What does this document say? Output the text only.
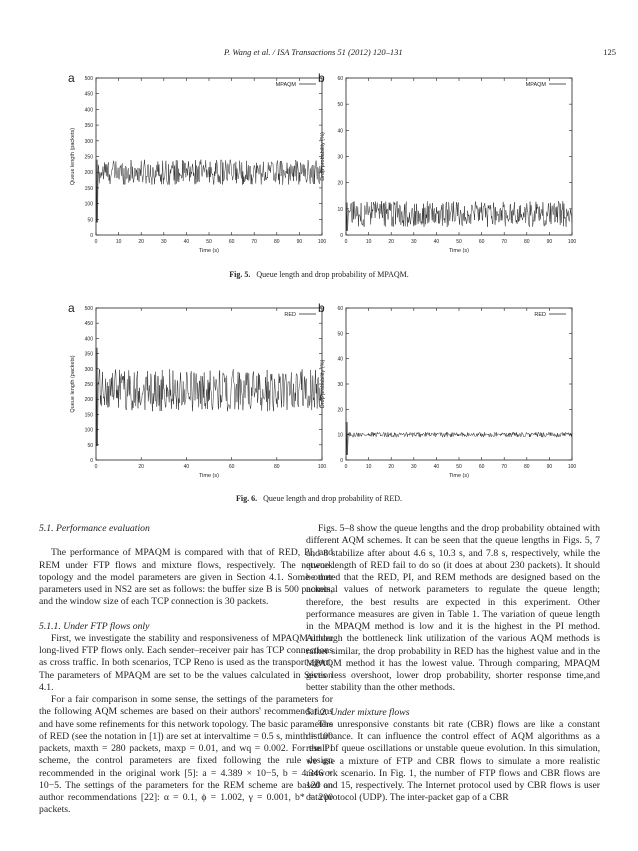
P. Wang et al. / ISA Transactions 51 (2012) 120–131	125
a
0
50
100
150
200
250
300
350
400
450
500
0	10	20	30	40	50	60	70	80	90	100
Time (s)
Queue length (packets)
MPAQM b
0
10
20
30
40
50
60
0	10	20	30	40	50	60	70	80	90	100
Time (s)
Drop probability (%)
MPAQM
Fig. 5. Queue length and drop probability of MPAQM.
a
0
50
100
150
200
250
300
350
400
450
500
0	20	40	60	80	100
Time (s)
Queue length (packets)
RED b
0
10
20
30
40
50
60
0	10	20	30	40	50	60	70	80	90	100
Time (s)
Drop probability (%)
RED
Fig. 6. Queue length and drop probability of RED.

5.1. Performance evaluation

The performance of MPAQM is compared with that of RED, PI, and REM under FTP flows and mixture flows, respectively. The network topology and the model parameters are given in Section 4.1. Some other parameters used in NS2 are set as follows: the buffer size B is 500 packets, and the window size of each TCP connection is 30 packets.

5.1.1. Under FTP flows only

First, we investigate the stability and responsiveness of MPAQM under long-lived FTP flows only. Each sender–receiver pair has TCP connections as cross traffic. In both scenarios, TCP Reno is used as the transport agent. The parameters of MPAQM are set to be the values calculated in Section 4.1.

For a fair comparison in some sense, the settings of the parameters for the following AQM schemes are based on their authors' recommendations and have some refinements for this network topology. The basic parameters of RED (see the notation in [1]) are set at intervaltime = 0.5 s, minth = 100 packets, maxth = 280 packets, maxp = 0.01, and wq = 0.002. For the PI scheme, the control parameters are fixed following the rule design recommended in the original work [5]: a = 4.389 × 10−5, b = 4.346 × 10−5. The settings of the parameters for the REM scheme are based on author recommendations [22]: α = 0.1, ϕ = 1.002, γ = 0.001, b* = 200 packets.

Figs. 5–8 show the queue lengths and the drop probability obtained with different AQM schemes. It can be seen that the queue lengths in Figs. 5, 7 and 8 stabilize after about 4.6 s, 10.3 s, and 7.8 s, respectively, while the queue length of RED fail to do so (it does at about 230 packets). It should be noted that the RED, PI, and REM methods are designed based on the nominal values of network parameters to regulate the queue length; therefore, the best results are expected in this experiment. Other performance measures are given in Table 1. The variation of queue length in the MPAQM method is low and it is the highest in the PI method. Although the bottleneck link utilization of the various AQM methods is rather similar, the drop probability in RED has the highest value and in the MPAQM method it has the lowest value. Through comparing, MPAQM gives less overshoot, lower drop probability, shorter response time,and better stability than the other methods.

5.1.2. Under mixture flows

The unresponsive constants bit rate (CBR) flows are like a constant disturbance. It can influence the control effect of AQM algorithms as a result of queue oscillations or unstable queue evolution. In this simulation, we use a mixture of FTP and CBR flows to simulate a more realistic network scenario. In Fig. 1, the number of FTP flows and CBR flows are 120 and 15, respectively. The Internet protocol used by CBR flows is user data protocol (UDP). The inter-packet gap of a CBR
